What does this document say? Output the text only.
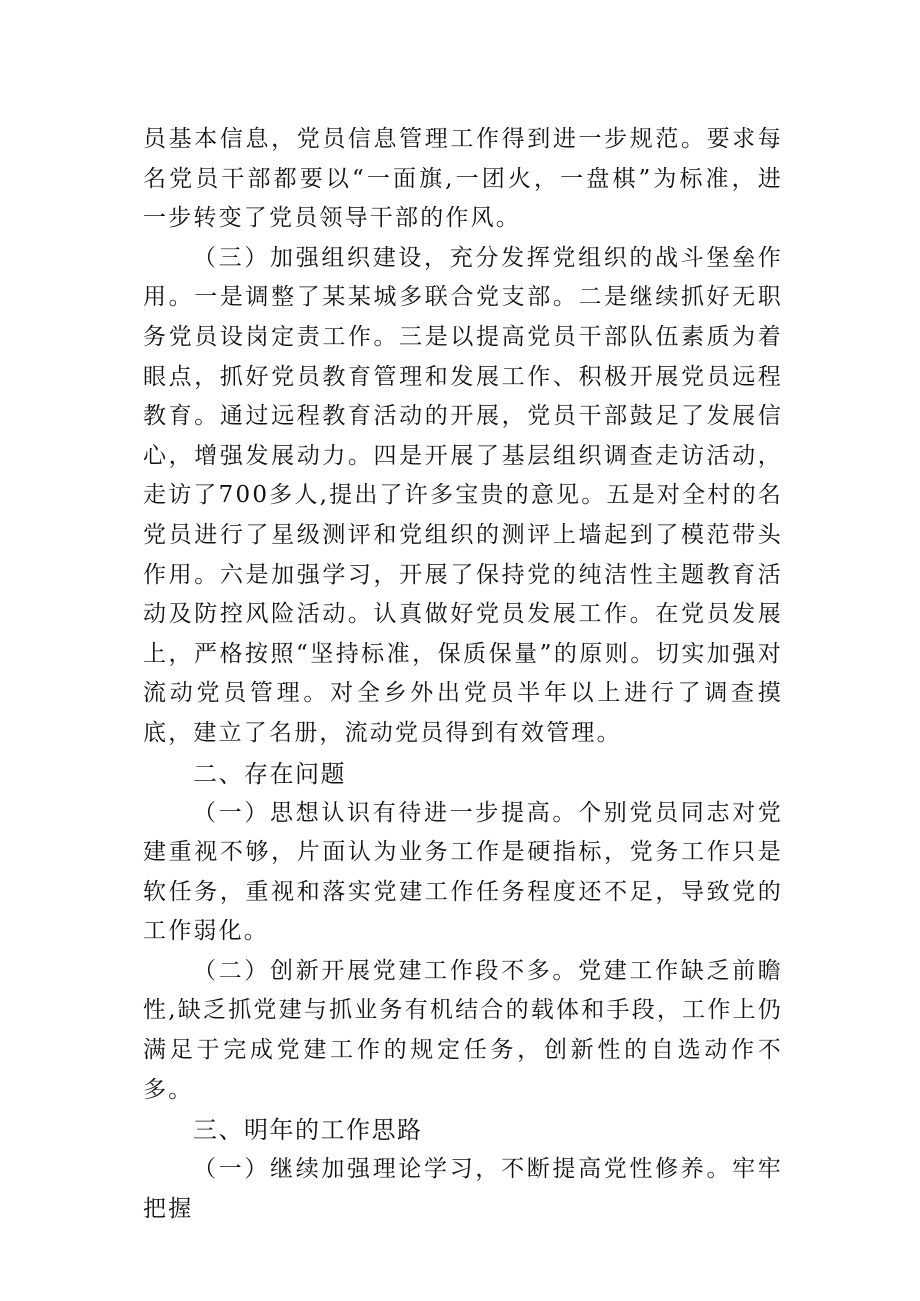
员基本信息，党员信息管理工作得到进一步规范。要求每名党员干部都要以“一面旗,一团火，一盘棋”为标准，进一步转变了党员领导干部的作风。

（三）加强组织建设，充分发挥党组织的战斗堡垒作用。一是调整了某某城多联合党支部。二是继续抓好无职务党员设岗定责工作。三是以提高党员干部队伍素质为着眼点，抓好党员教育管理和发展工作、积极开展党员远程教育。通过远程教育活动的开展，党员干部鼓足了发展信心，增强发展动力。四是开展了基层组织调查走访活动，走访了700多人,提出了许多宝贵的意见。五是对全村的名党员进行了星级测评和党组织的测评上墙起到了模范带头作用。六是加强学习，开展了保持党的纯洁性主题教育活动及防控风险活动。认真做好党员发展工作。在党员发展上，严格按照“坚持标准，保质保量”的原则。切实加强对流动党员管理。对全乡外出党员半年以上进行了调查摸底，建立了名册，流动党员得到有效管理。

二、存在问题

（一）思想认识有待进一步提高。个别党员同志对党建重视不够，片面认为业务工作是硬指标，党务工作只是软任务，重视和落实党建工作任务程度还不足，导致党的工作弱化。

（二）创新开展党建工作段不多。党建工作缺乏前瞻性,缺乏抓党建与抓业务有机结合的载体和手段，工作上仍满足于完成党建工作的规定任务，创新性的自选动作不多。

三、明年的工作思路

（一）继续加强理论学习，不断提高党性修养。牢牢把握
